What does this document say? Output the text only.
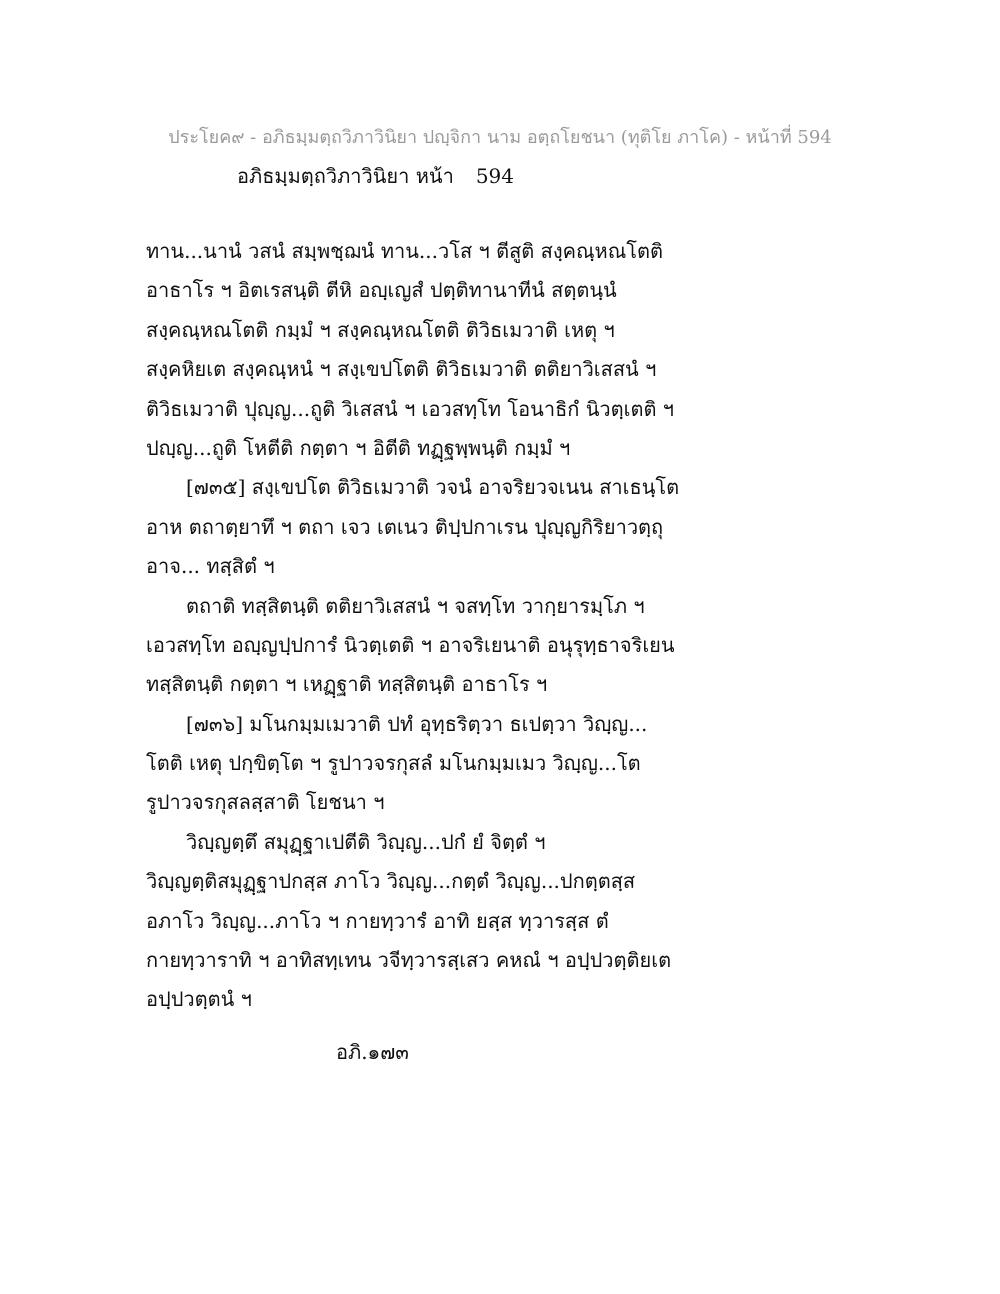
ประโยค๙ - อภิธมฺมตฺถวิภาวินิยา ปญฺจิกา นาม อตฺถโยชนา (ทุติโย ภาโค) - หน้าที่ 594
อภิธมฺมตฺถวิภาวินิยา หน้า 594
ทาน...นานํ วสนํ สมฺพชฺฌนํ ทาน...วโส ฯ ตีสูติ สงฺคณฺหณโตติ
อาธาโร ฯ อิตเรสนฺติ ตีหิ อญฺเญสํ ปตฺติทานาทีนํ สตฺตนฺนํ
สงฺคณฺหณโตติ กมฺมํ ฯ สงฺคณฺหณโตติ ติวิธเมวาติ เหตุ ฯ
สงฺคหิยเต สงฺคณฺหนํ ฯ สงฺเขปโตติ ติวิธเมวาติ ตติยาวิเสสนํ ฯ
ติวิธเมวาติ ปุญฺญ...ถูติ วิเสสนํ ฯ เอวสทฺโท โอนาธิกํ นิวตฺเตติ ฯ
ปญฺญ...ถูติ โหตีติ กตฺตา ฯ อิตีติ ทฏฺฐพฺพนฺติ กมฺมํ ฯ
[๗๓๕] สงฺเขปโต ติวิธเมวาติ วจนํ อาจริยวจเนน สาเธนฺโต
อาห ตถาตฺยาทึ ฯ ตถา เจว เตเนว ติปฺปกาเรน ปุญฺญกิริยาวตฺถุ
อาจ... ทสฺสิตํ ฯ
ตถาติ ทสฺสิตนฺติ ตติยาวิเสสนํ ฯ จสทฺโท วากฺยารมฺโภ ฯ
เอวสทฺโท อญฺญปฺปการํ นิวตฺเตติ ฯ อาจริเยนาติ อนุรุทฺธาจริเยน
ทสฺสิตนฺติ กตฺตา ฯ เหฏฺฐาติ ทสฺสิตนฺติ อาธาโร ฯ
[๗๓๖] มโนกมฺมเมวาติ ปทํ อุทฺธริตฺวา ธเปตฺวา วิญฺญ...
โตติ เหตุ ปกฺขิตฺโต ฯ รูปาวจรกุสลํ มโนกมฺมเมว วิญฺญ...โต
รูปาวจรกุสลสฺสาติ โยชนา ฯ
วิญฺญตฺตึ สมุฏฺฐาเปตีติ วิญฺญ...ปกํ ยํ จิตฺตํ ฯ
วิญฺญตฺติสมุฏฺฐาปกสฺส ภาโว วิญฺญ...กตฺตํ วิญฺญ...ปกตฺตสฺส
อภาโว วิญฺญ...ภาโว ฯ กายทฺวารํ อาทิ ยสฺส ทฺวารสฺส ตํ
กายทฺวาราทิ ฯ อาทิสทฺเทน วจีทฺวารสฺเสว คหณํ ฯ อปฺปวตฺติยเต
อปฺปวตฺตนํ ฯ
อภิ.๑๗๓
